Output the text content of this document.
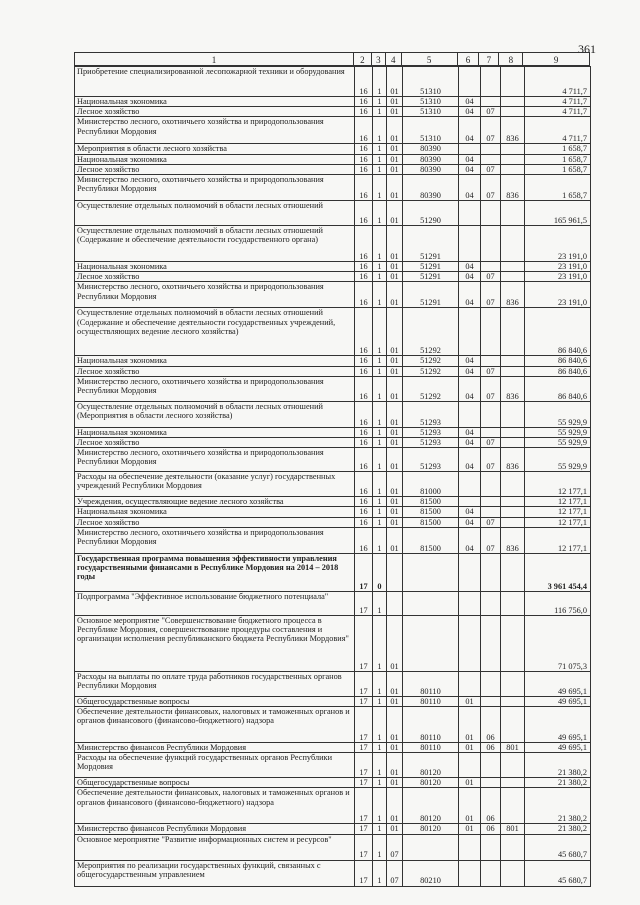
361
1	2	3	4	5	6	7	8	9
Приобретение специализированной лесопожарной техники и оборудования	16	1	01	51310				4 711,7
Национальная экономика	16	1	01	51310	04			4 711,7
Лесное хозяйство	16	1	01	51310	04	07		4 711,7
Министерство лесного, охотничьего хозяйства и природопользования Республики Мордовия	16	1	01	51310	04	07	836	4 711,7
Мероприятия в области лесного хозяйства	16	1	01	80390				1 658,7
Национальная экономика	16	1	01	80390	04			1 658,7
Лесное хозяйство	16	1	01	80390	04	07		1 658,7
Министерство лесного, охотничьего хозяйства и природопользования Республики Мордовия	16	1	01	80390	04	07	836	1 658,7
Осуществление отдельных полномочий в области лесных отношений	16	1	01	51290				165 961,5
Осуществление отдельных полномочий в области лесных отношений (Содержание и обеспечение деятельности государственного органа)	16	1	01	51291				23 191,0
Национальная экономика	16	1	01	51291	04			23 191,0
Лесное хозяйство	16	1	01	51291	04	07		23 191,0
Министерство лесного, охотничьего хозяйства и природопользования Республики Мордовия	16	1	01	51291	04	07	836	23 191,0
Осуществление отдельных полномочий в области лесных отношений (Содержание и обеспечение деятельности государственных учреждений, осуществляющих ведение лесного хозяйства)	16	1	01	51292				86 840,6
Национальная экономика	16	1	01	51292	04			86 840,6
Лесное хозяйство	16	1	01	51292	04	07		86 840,6
Министерство лесного, охотничьего хозяйства и природопользования Республики Мордовия	16	1	01	51292	04	07	836	86 840,6
Осуществление отдельных полномочий в области лесных отношений (Мероприятия в области лесного хозяйства)	16	1	01	51293				55 929,9
Национальная экономика	16	1	01	51293	04			55 929,9
Лесное хозяйство	16	1	01	51293	04	07		55 929,9
Министерство лесного, охотничьего хозяйства и природопользования Республики Мордовия	16	1	01	51293	04	07	836	55 929,9
Расходы на обеспечение деятельности (оказание услуг) государственных учреждений Республики Мордовия	16	1	01	81000				12 177,1
Учреждения, осуществляющие ведение лесного хозяйства	16	1	01	81500				12 177,1
Национальная экономика	16	1	01	81500	04			12 177,1
Лесное хозяйство	16	1	01	81500	04	07		12 177,1
Министерство лесного, охотничьего хозяйства и природопользования Республики Мордовия	16	1	01	81500	04	07	836	12 177,1
Государственная программа повышения эффективности управления государственными финансами в Республике Мордовия на 2014 – 2018 годы	17	0						3 961 454,4
Подпрограмма "Эффективное использование бюджетного потенциала"	17	1						116 756,0
Основное мероприятие "Совершенствование бюджетного процесса в Республике Мордовия, совершенствование процедуры составления и организации исполнения республиканского бюджета Республики Мордовия"	17	1	01					71 075,3
Расходы на выплаты по оплате труда работников государственных органов Республики Мордовия	17	1	01	80110				49 695,1
Общегосударственные вопросы	17	1	01	80110	01			49 695,1
Обеспечение деятельности финансовых, налоговых и таможенных органов и органов финансового (финансово-бюджетного) надзора	17	1	01	80110	01	06		49 695,1
Министерство финансов Республики Мордовия	17	1	01	80110	01	06	801	49 695,1
Расходы на обеспечение функций государственных органов Республики Мордовия	17	1	01	80120				21 380,2
Общегосударственные вопросы	17	1	01	80120	01			21 380,2
Обеспечение деятельности финансовых, налоговых и таможенных органов и органов финансового (финансово-бюджетного) надзора	17	1	01	80120	01	06		21 380,2
Министерство финансов Республики Мордовия	17	1	01	80120	01	06	801	21 380,2
Основное мероприятие "Развитие информационных систем и ресурсов"	17	1	07					45 680,7
Мероприятия по реализации государственных функций, связанных с общегосударственным управлением	17	1	07	80210				45 680,7
